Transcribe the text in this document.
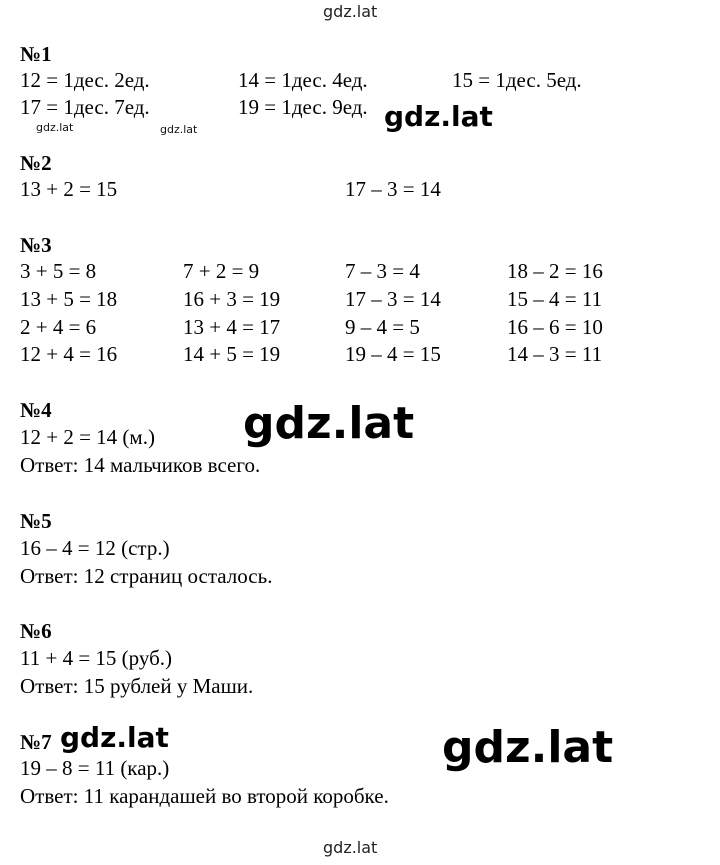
gdz.lat
№1
12 = 1дес. 2ед.	14 = 1дес. 4ед.	15 = 1дес. 5ед.
17 = 1дес. 7ед.	19 = 1дес. 9ед. gdz.lat
gdz.lat	gdz.lat
№2
13 + 2 = 15	17 – 3 = 14
№3
3 + 5 = 8	7 + 2 = 9	7 – 3 = 4	18 – 2 = 16
13 + 5 = 18	16 + 3 = 19	17 – 3 = 14	15 – 4 = 11
2 + 4 = 6	13 + 4 = 17	9 – 4 = 5	16 – 6 = 10
12 + 4 = 16	14 + 5 = 19	19 – 4 = 15	14 – 3 = 11
№4
12 + 2 = 14 (м.)
Ответ: 14 мальчиков всего.
gdz.lat
№5
16 – 4 = 12 (стр.)
Ответ: 12 страниц осталось.
№6
11 + 4 = 15 (руб.)
Ответ: 15 рублей у Маши.
№7 gdz.lat	gdz.lat
19 – 8 = 11 (кар.)
Ответ: 11 карандашей во второй коробке.
gdz.lat
